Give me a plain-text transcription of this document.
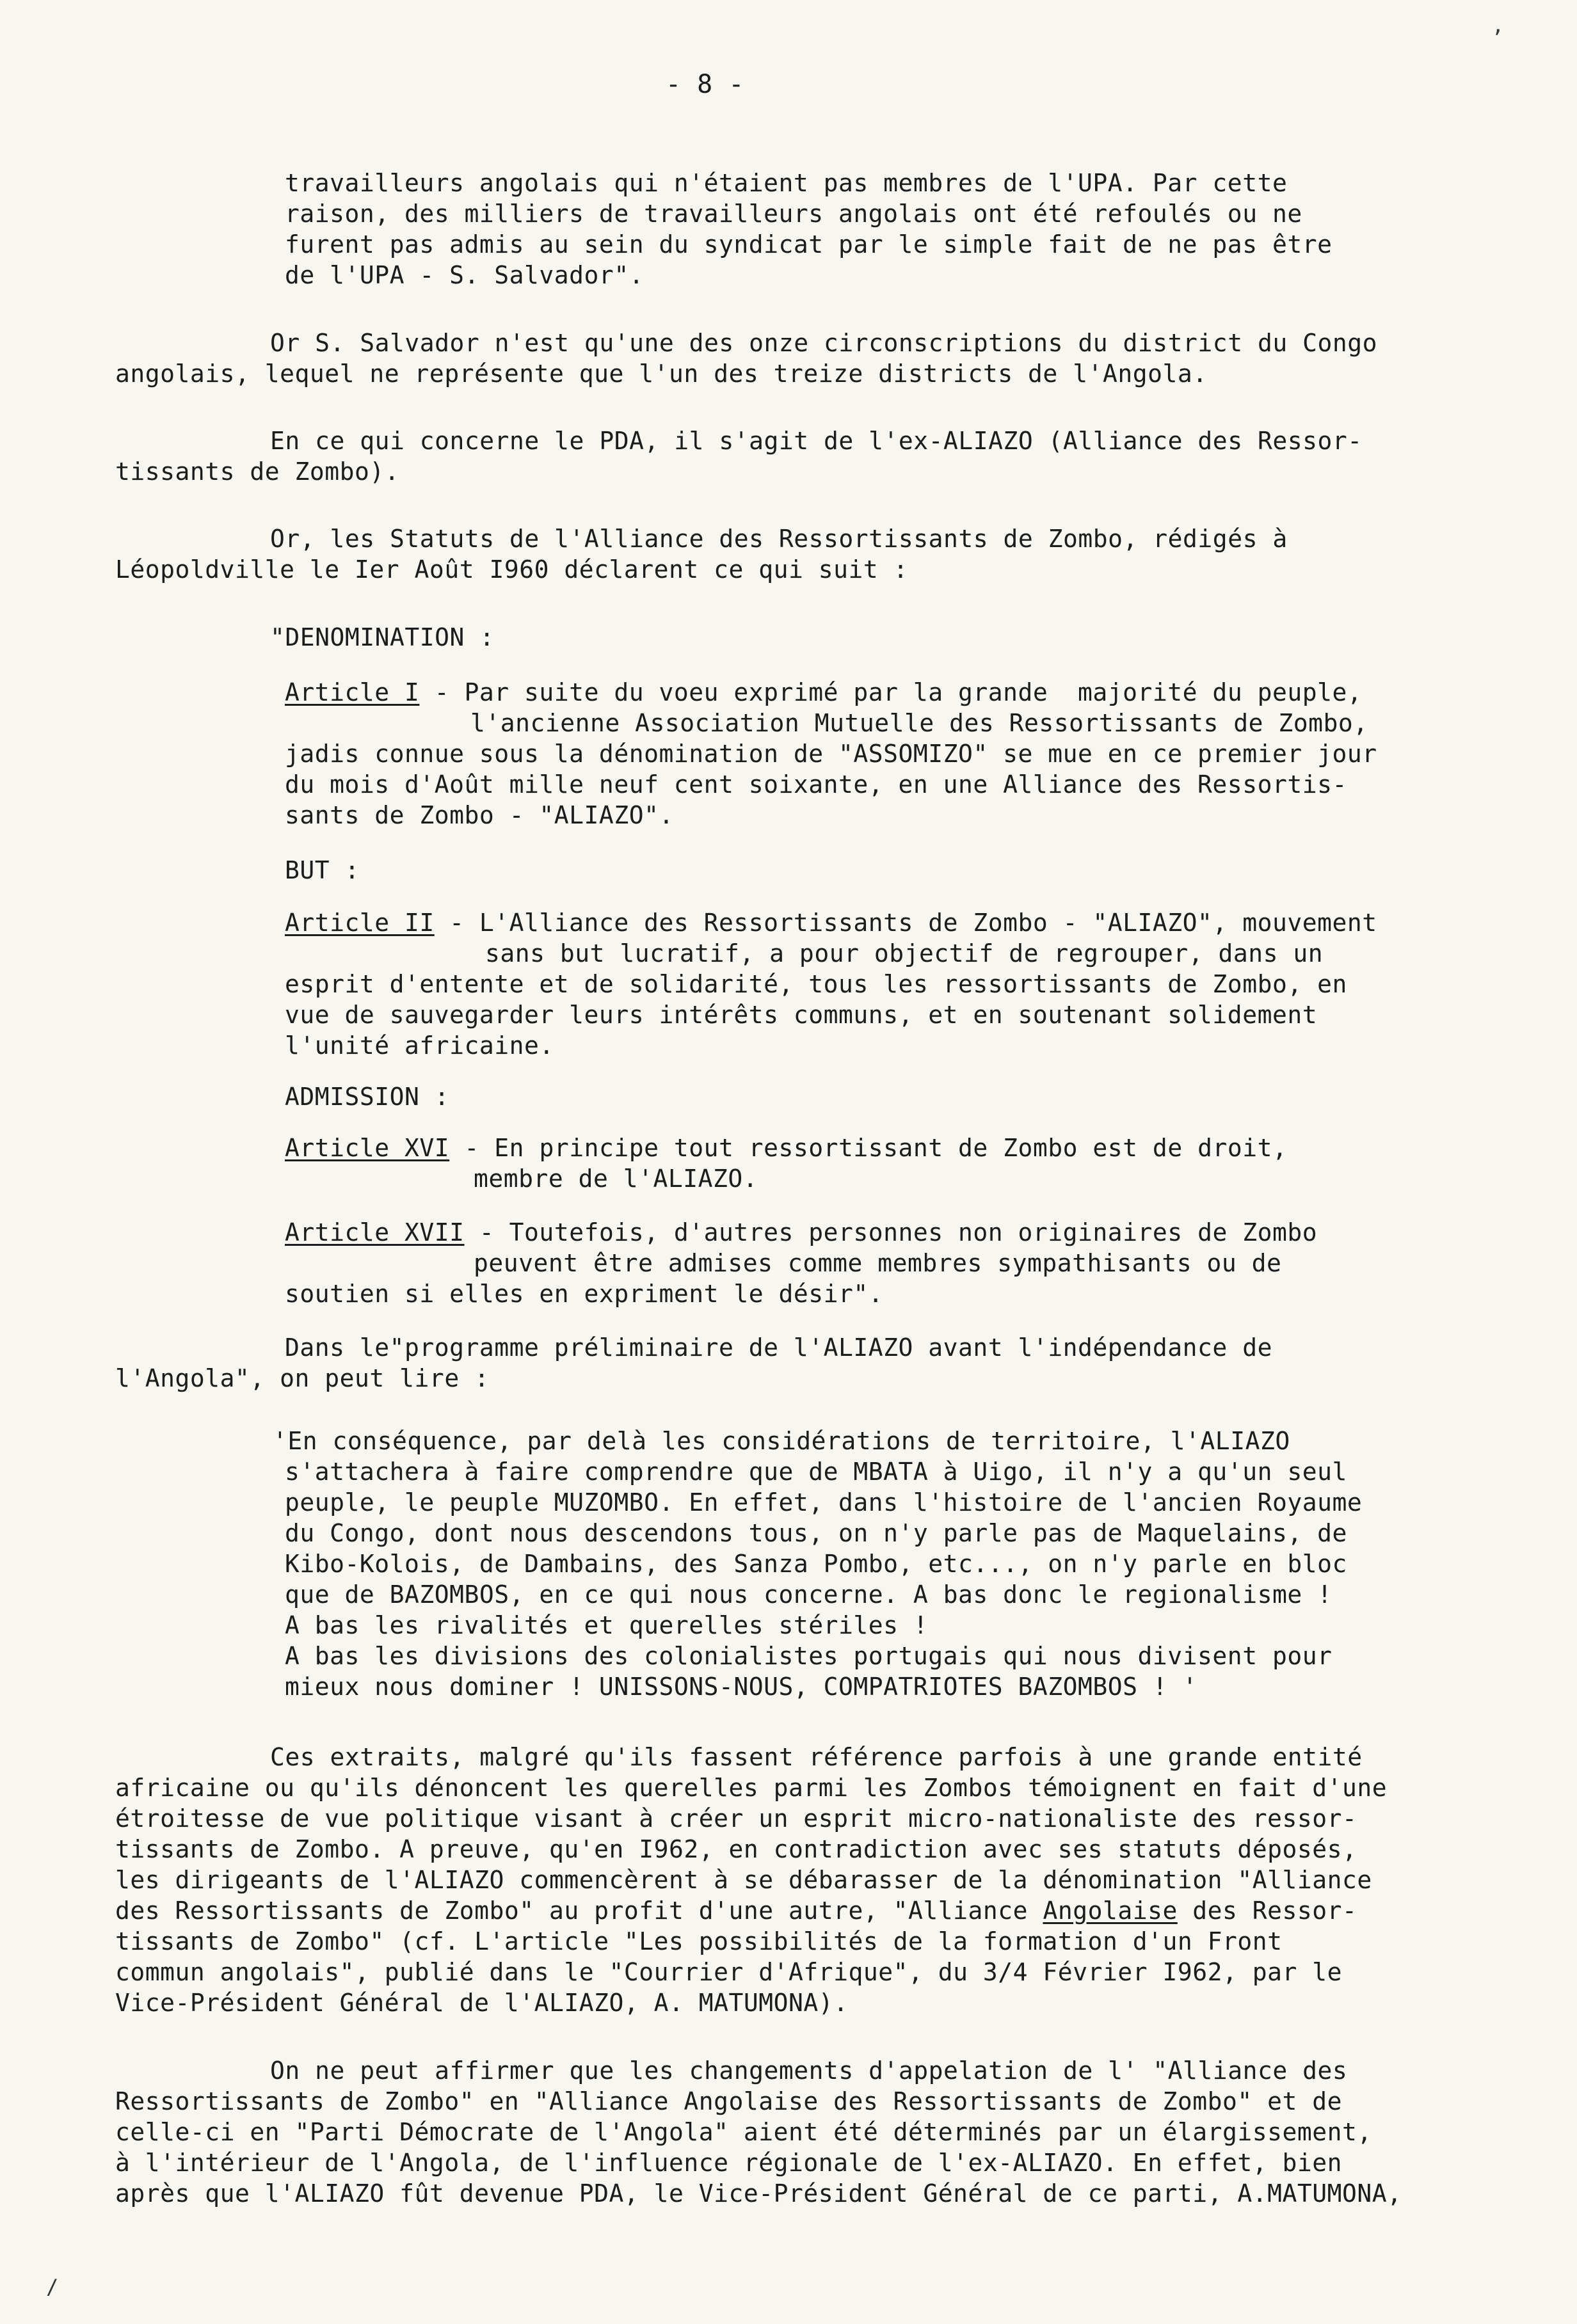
- 8 -
travailleurs angolais qui n'étaient pas membres de l'UPA. Par cette
raison, des milliers de travailleurs angolais ont été refoulés ou ne
furent pas admis au sein du syndicat par le simple fait de ne pas être
de l'UPA - S. Salvador".
Or S. Salvador n'est qu'une des onze circonscriptions du district du Congo
angolais, lequel ne représente que l'un des treize districts de l'Angola.
En ce qui concerne le PDA, il s'agit de l'ex-ALIAZO (Alliance des Ressor-
tissants de Zombo).
Or, les Statuts de l'Alliance des Ressortissants de Zombo, rédigés à
Léopoldville le Ier Août I960 déclarent ce qui suit :
"DENOMINATION :
Article I - Par suite du voeu exprimé par la grande  majorité du peuple,
l'ancienne Association Mutuelle des Ressortissants de Zombo,
jadis connue sous la dénomination de "ASSOMIZO" se mue en ce premier jour
du mois d'Août mille neuf cent soixante, en une Alliance des Ressortis-
sants de Zombo - "ALIAZO".
BUT :
Article II - L'Alliance des Ressortissants de Zombo - "ALIAZO", mouvement
sans but lucratif, a pour objectif de regrouper, dans un
esprit d'entente et de solidarité, tous les ressortissants de Zombo, en
vue de sauvegarder leurs intérêts communs, et en soutenant solidement
l'unité africaine.
ADMISSION :
Article XVI - En principe tout ressortissant de Zombo est de droit,
membre de l'ALIAZO.
Article XVII - Toutefois, d'autres personnes non originaires de Zombo
peuvent être admises comme membres sympathisants ou de
soutien si elles en expriment le désir".
Dans le"programme préliminaire de l'ALIAZO avant l'indépendance de
l'Angola", on peut lire :
'En conséquence, par delà les considérations de territoire, l'ALIAZO
s'attachera à faire comprendre que de MBATA à Uigo, il n'y a qu'un seul
peuple, le peuple MUZOMBO. En effet, dans l'histoire de l'ancien Royaume
du Congo, dont nous descendons tous, on n'y parle pas de Maquelains, de
Kibo-Kolois, de Dambains, des Sanza Pombo, etc..., on n'y parle en bloc
que de BAZOMBOS, en ce qui nous concerne. A bas donc le regionalisme !
A bas les rivalités et querelles stériles !
A bas les divisions des colonialistes portugais qui nous divisent pour
mieux nous dominer ! UNISSONS-NOUS, COMPATRIOTES BAZOMBOS ! '
Ces extraits, malgré qu'ils fassent référence parfois à une grande entité
africaine ou qu'ils dénoncent les querelles parmi les Zombos témoignent en fait d'une
étroitesse de vue politique visant à créer un esprit micro-nationaliste des ressor-
tissants de Zombo. A preuve, qu'en I962, en contradiction avec ses statuts déposés,
les dirigeants de l'ALIAZO commencèrent à se débarasser de la dénomination "Alliance
des Ressortissants de Zombo" au profit d'une autre, "Alliance Angolaise des Ressor-
tissants de Zombo" (cf. L'article "Les possibilités de la formation d'un Front
commun angolais", publié dans le "Courrier d'Afrique", du 3/4 Février I962, par le
Vice-Président Général de l'ALIAZO, A. MATUMONA).
On ne peut affirmer que les changements d'appelation de l' "Alliance des
Ressortissants de Zombo" en "Alliance Angolaise des Ressortissants de Zombo" et de
celle-ci en "Parti Démocrate de l'Angola" aient été déterminés par un élargissement,
à l'intérieur de l'Angola, de l'influence régionale de l'ex-ALIAZO. En effet, bien
après que l'ALIAZO fût devenue PDA, le Vice-Président Général de ce parti, A.MATUMONA,
’
/
